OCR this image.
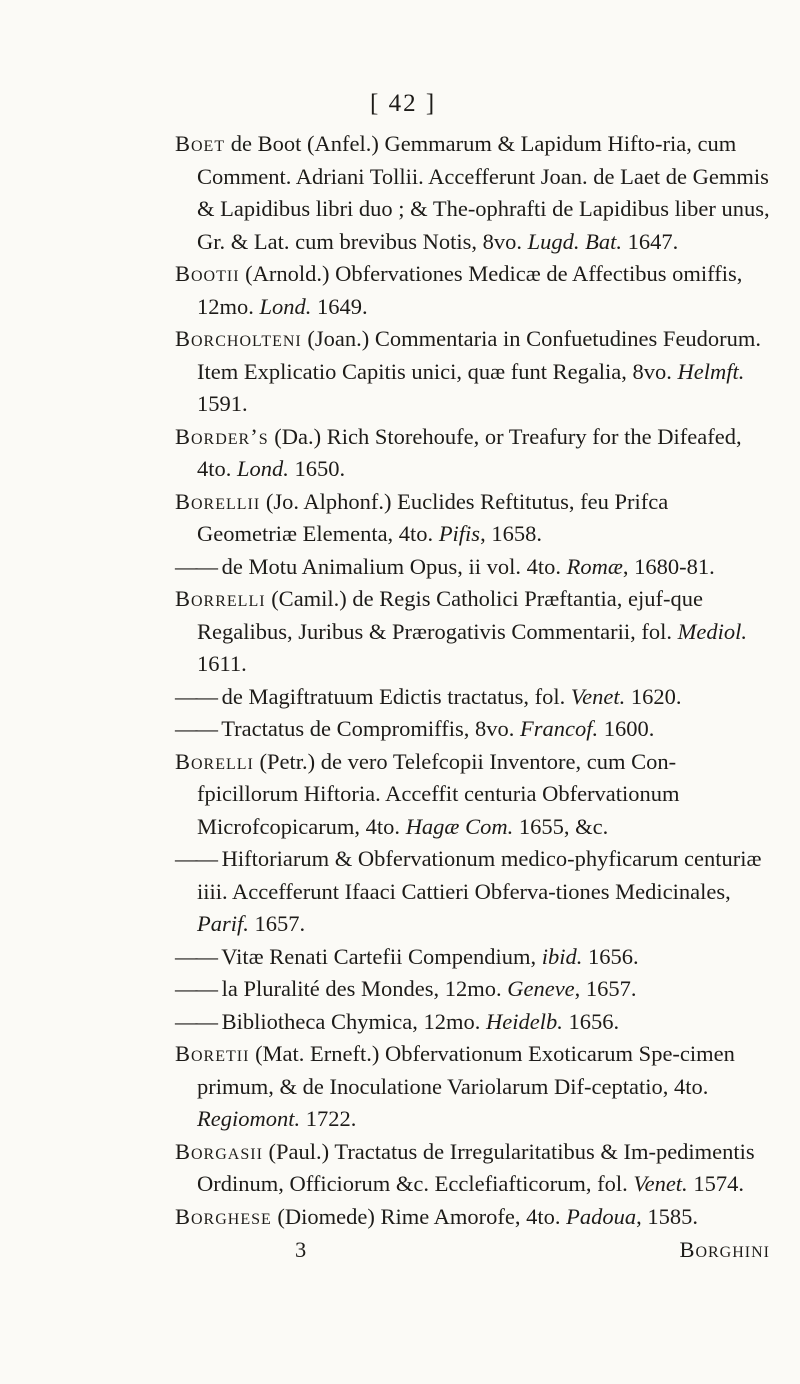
[ 42 ]

Boet de Boot (Anfel.) Gemmarum & Lapidum Hifto-ria, cum Comment. Adriani Tollii. Accefferunt Joan. de Laet de Gemmis & Lapidibus libri duo ; & The-ophrafti de Lapidibus liber unus, Gr. & Lat. cum brevibus Notis, 8vo. Lugd. Bat. 1647.

Bootii (Arnold.) Obfervationes Medicæ de Affectibus omiffis, 12mo. Lond. 1649.

Borcholteni (Joan.) Commentaria in Confuetudines Feudorum. Item Explicatio Capitis unici, quæ funt Regalia, 8vo. Helmft. 1591.

Border’s (Da.) Rich Storehoufe, or Treafury for the Difeafed, 4to. Lond. 1650.

Borellii (Jo. Alphonf.) Euclides Reftitutus, feu Prifca Geometriæ Elementa, 4to. Pifis, 1658.

—— de Motu Animalium Opus, ii vol. 4to. Romæ, 1680-81.

Borrelli (Camil.) de Regis Catholici Præftantia, ejuf-que Regalibus, Juribus & Prærogativis Commentarii, fol. Mediol. 1611.

—— de Magiftratuum Edictis tractatus, fol. Venet. 1620.

—— Tractatus de Compromiffis, 8vo. Francof. 1600.

Borelli (Petr.) de vero Telefcopii Inventore, cum Con-fpicillorum Hiftoria. Acceffit centuria Obfervationum Microfcopicarum, 4to. Hagæ Com. 1655, &c.

—— Hiftoriarum & Obfervationum medico-phyficarum centuriæ iiii. Accefferunt Ifaaci Cattieri Obferva-tiones Medicinales, Parif. 1657.

—— Vitæ Renati Cartefii Compendium, ibid. 1656.

—— la Pluralité des Mondes, 12mo. Geneve, 1657.

—— Bibliotheca Chymica, 12mo. Heidelb. 1656.

Boretii (Mat. Erneft.) Obfervationum Exoticarum Spe-cimen primum, & de Inoculatione Variolarum Dif-ceptatio, 4to. Regiomont. 1722.

Borgasii (Paul.) Tractatus de Irregularitatibus & Im-pedimentis Ordinum, Officiorum &c. Ecclefiafticorum, fol. Venet. 1574.

Borghese (Diomede) Rime Amorofe, 4to. Padoua, 1585.

3	Borghini
